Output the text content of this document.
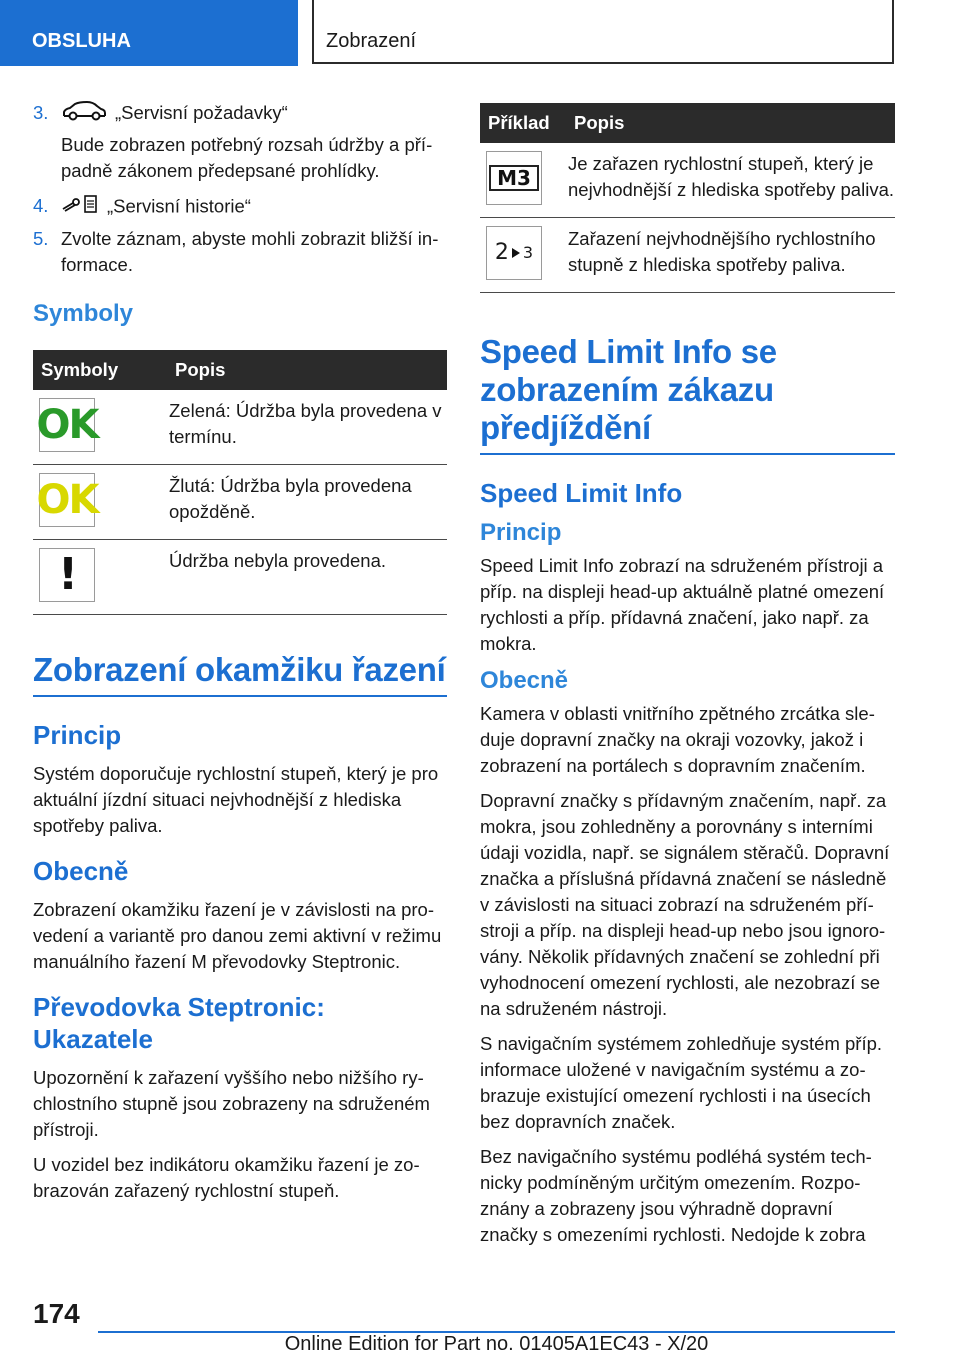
OBSLUHA	Zobrazení
3.	„Servisní požadavky“

Bude zobrazen potřebný rozsah údržby a případně zákonem předepsané prohlídky.

4.	„Servisní historie“
5. Zvolte záznam, abyste mohli zobrazit bližší informace.
Symboly
Symboly	Popis

OK	Zelená: Údržba byla provedena v termínu.

OK	Žlutá: Údržba byla provedena opožděně.

!	Údržba nebyla provedena.
Zobrazení okamžiku řazení
Princip

Systém doporučuje rychlostní stupeň, který je pro aktuální jízdní situaci nejvhodnější z hlediska spotřeby paliva.

Obecně

Zobrazení okamžiku řazení je v závislosti na provedení a variantě pro danou zemi aktivní v režimu manuálního řazení M převodovky Steptronic.

Převodovka Steptronic: Ukazatele

Upozornění k zařazení vyššího nebo nižšího rychlostního stupně jsou zobrazeny na sdruženém přístroji.

U vozidel bez indikátoru okamžiku řazení je zobrazován zařazený rychlostní stupeň.

Příklad	Popis

M3	Je zařazen rychlostní stupeň, který je nejvhodnější z hlediska spotřeby paliva.

2 3	Zařazení nejvhodnějšího rychlostního stupně z hlediska spotřeby paliva.
Speed Limit Info se zobrazením zákazu předjíždění
Speed Limit Info
Princip

Speed Limit Info zobrazí na sdruženém přístroji a příp. na displeji head-up aktuálně platné omezení rychlosti a příp. přídavná značení, jako např. za mokra.

Obecně

Kamera v oblasti vnitřního zpětného zrcátka sleduje dopravní značky na okraji vozovky, jakož i zobrazení na portálech s dopravním značením.

Dopravní značky s přídavným značením, např. za mokra, jsou zohledněny a porovnány s interními údaji vozidla, např. se signálem stěračů. Dopravní značka a příslušná přídavná značení se následně v závislosti na situaci zobrazí na sdruženém přístroji a příp. na displeji head-up nebo jsou ignorovány. Několik přídavných značení se zohlední při vyhodnocení omezení rychlosti, ale nezobrazí se na sdruženém nástroji.

S navigačním systémem zohledňuje systém příp. informace uložené v navigačním systému a zobrazuje existující omezení rychlosti i na úsecích bez dopravních značek.

Bez navigačního systému podléhá systém technicky podmíněným určitým omezením. Rozpoznány a zobrazeny jsou výhradně dopravní značky s omezeními rychlosti. Nedojde k zobra

174
Online Edition for Part no. 01405A1EC43 - X/20
